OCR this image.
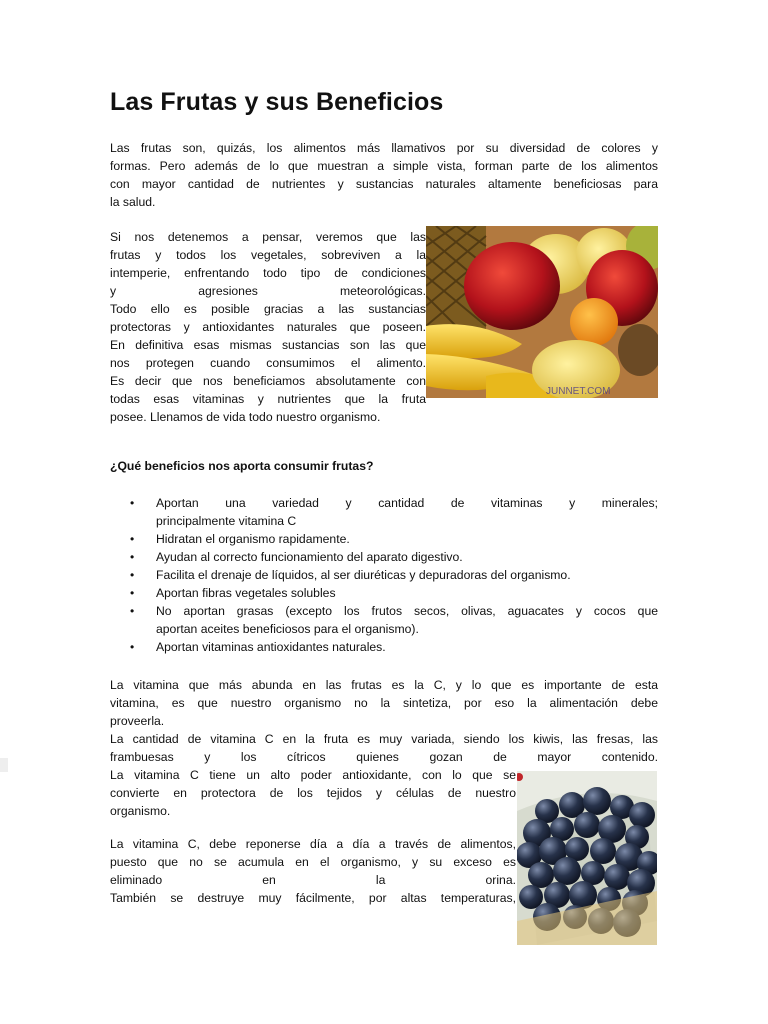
Las Frutas y sus Beneficios

Las frutas son, quizás, los alimentos más llamativos por su diversidad de colores y
formas. Pero además de lo que muestran a simple vista, forman parte de los alimentos
con mayor cantidad de nutrientes y sustancias naturales altamente beneficiosas para
la salud.

Si nos detenemos a pensar, veremos que las
frutas y todos los vegetales, sobreviven a la
intemperie, enfrentando todo tipo de condiciones
y agresiones meteorológicas.
Todo ello es posible gracias a las sustancias
protectoras y antioxidantes naturales que poseen.
En definitiva esas mismas sustancias son las que
nos protegen cuando consumimos el alimento.
Es decir que nos beneficiamos absolutamente con
todas esas vitaminas y nutrientes que la fruta
posee. Llenamos de vida todo nuestro organismo.

¿Qué beneficios nos aporta consumir frutas?

• Aportan una variedad y cantidad de vitaminas y minerales;
principalmente vitamina C
• Hidratan el organismo rapidamente.
• Ayudan al correcto funcionamiento del aparato digestivo.
• Facilita el drenaje de líquidos, al ser diuréticas y depuradoras del organismo.
• Aportan fibras vegetales solubles
• No aportan grasas (excepto los frutos secos, olivas, aguacates y cocos que
aportan aceites beneficiosos para el organismo).
• Aportan vitaminas antioxidantes naturales.

La vitamina que más abunda en las frutas es la C, y lo que es importante de esta
vitamina, es que nuestro organismo no la sintetiza, por eso la alimentación debe
proveerla.

La cantidad de vitamina C en la fruta es muy variada, siendo los kiwis, las fresas, las
frambuesas y los cítricos quienes gozan de mayor contenido.

La vitamina C tiene un alto poder antioxidante, con lo que se
convierte en protectora de los tejidos y células de nuestro
organismo.

La vitamina C, debe reponerse día a día a través de alimentos,
puesto que no se acumula en el organismo, y su exceso es
eliminado en la orina.
También se destruye muy fácilmente, por altas temperaturas,

JUNNET.COM
